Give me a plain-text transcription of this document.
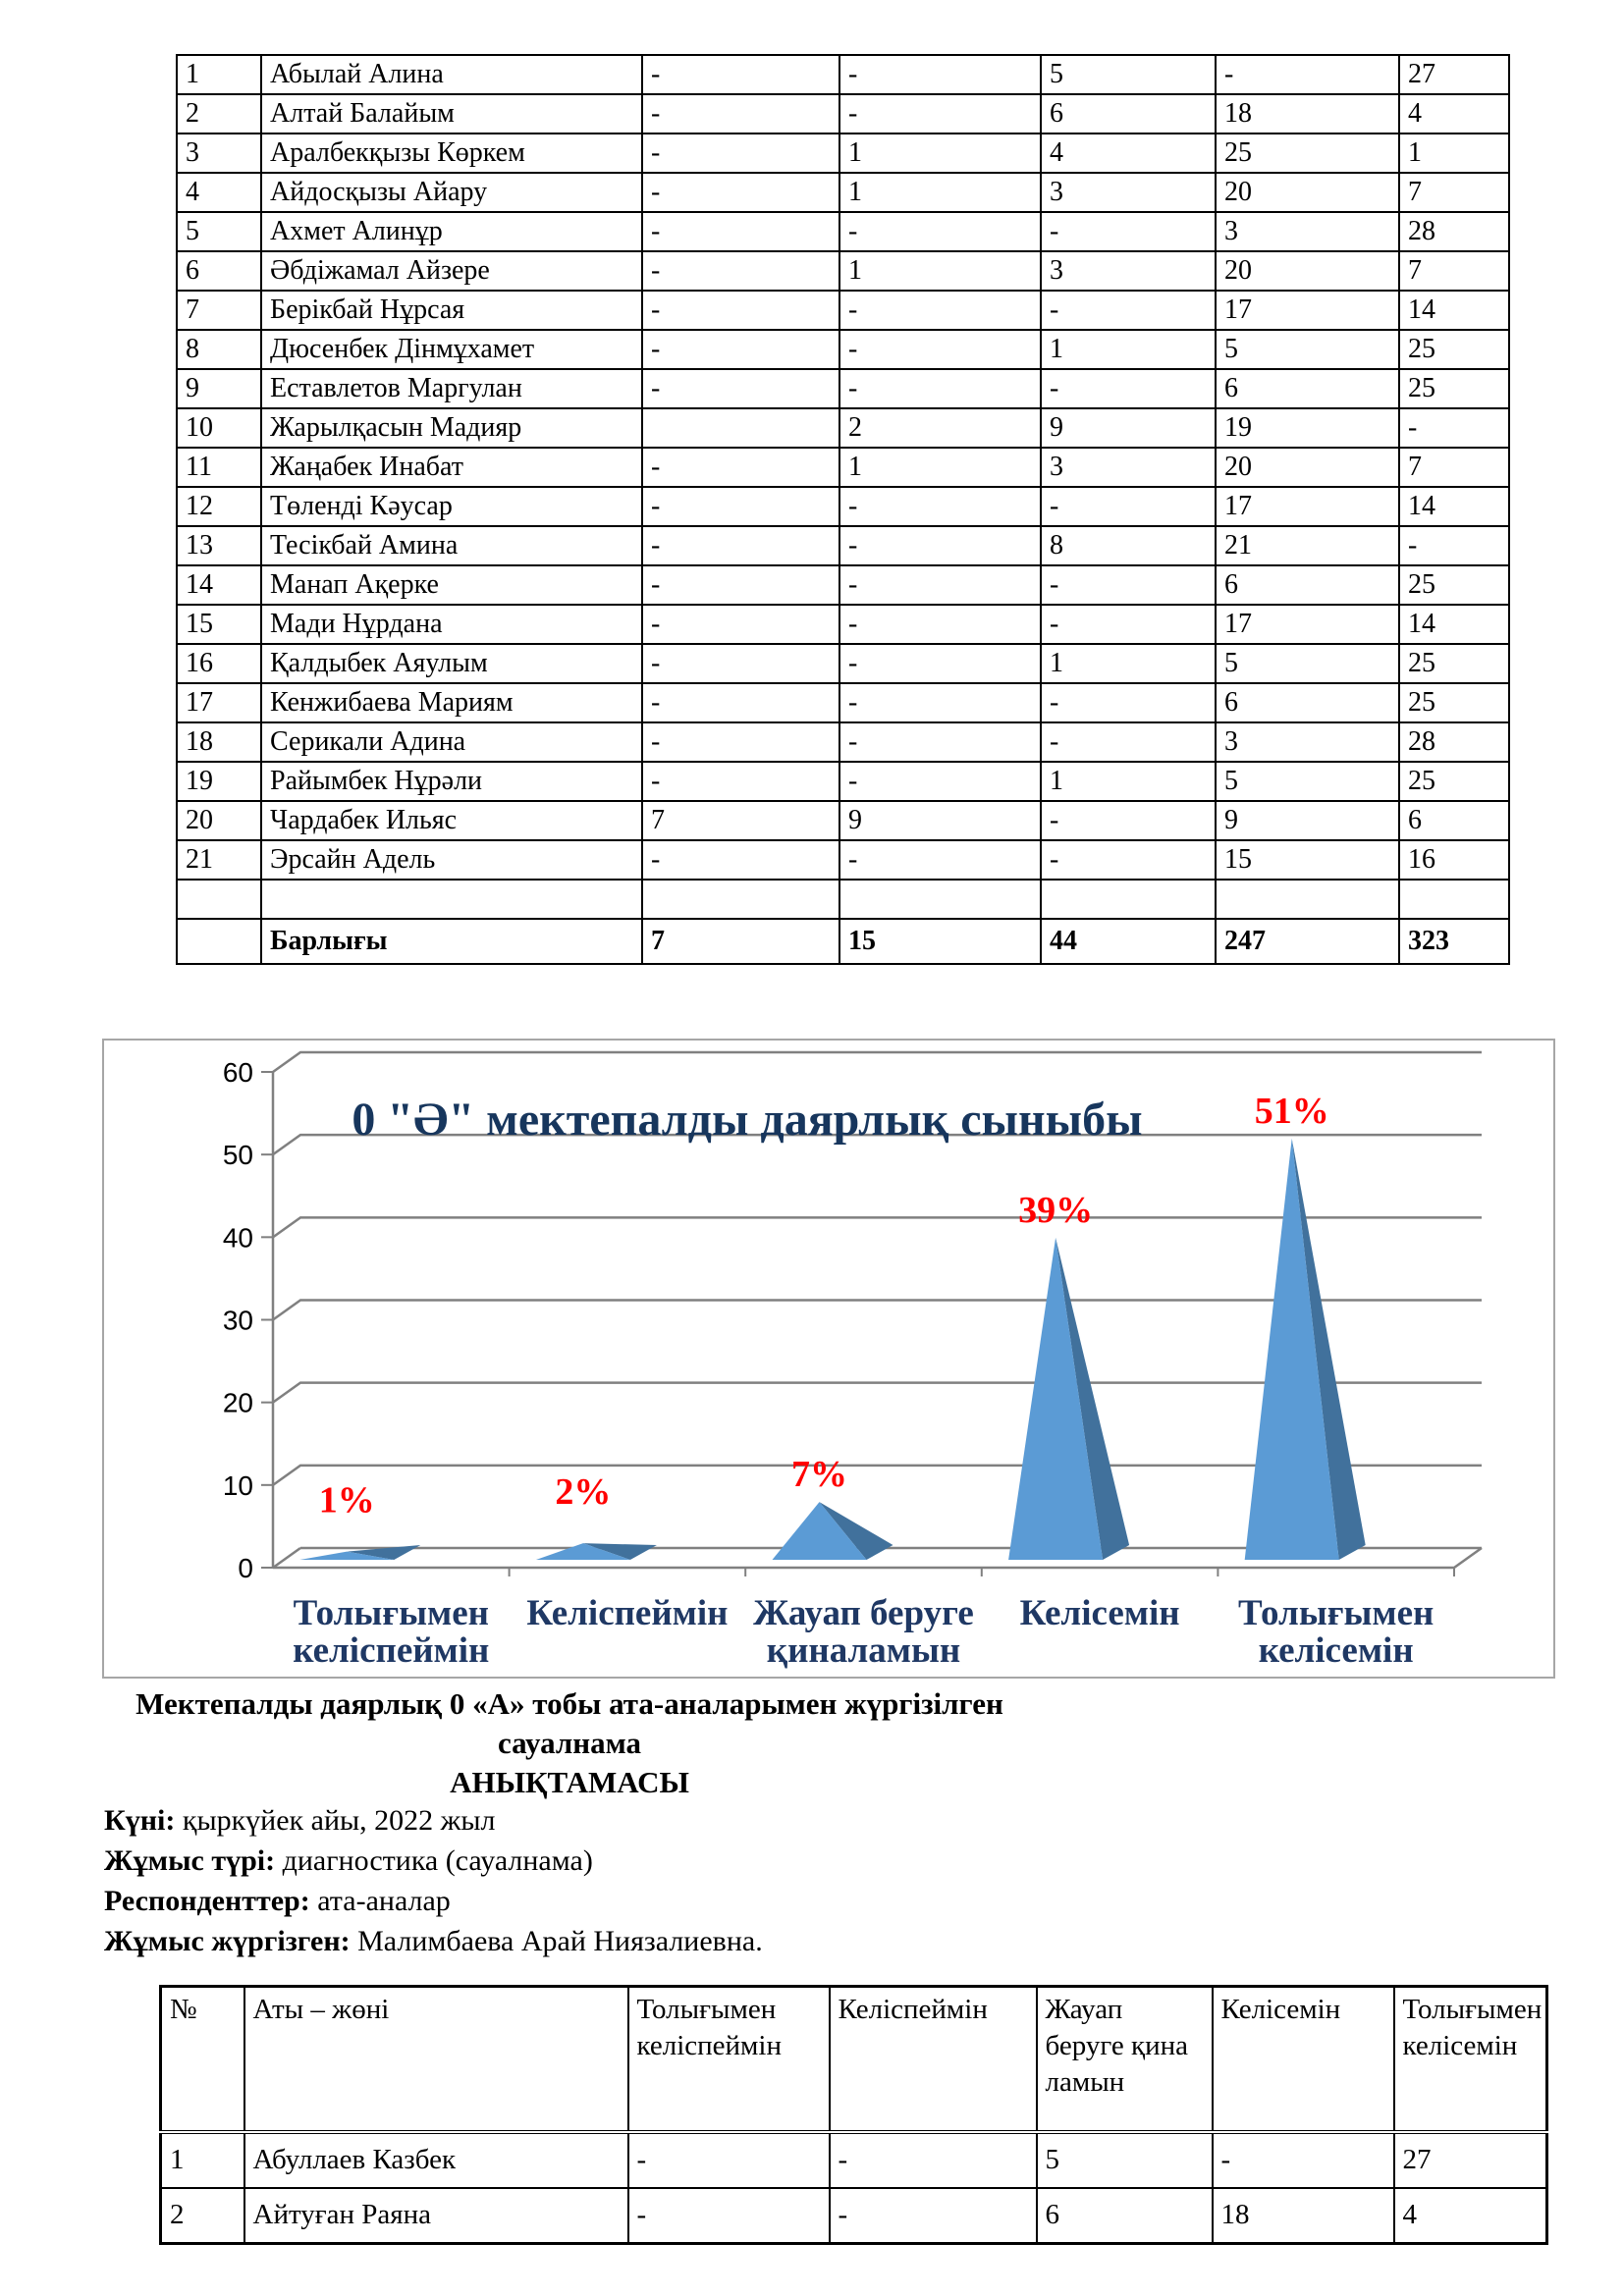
1	Абылай Алина	-	-	5	-	27
2	Алтай Балайым	-	-	6	18	4
3	Аралбекқызы Көркем	-	1	4	25	1
4	Айдосқызы Айару	-	1	3	20	7
5	Ахмет Алинұр	-	-	-	3	28
6	Әбдіжамал Айзере	-	1	3	20	7
7	Берікбай Нұрсая	-	-	-	17	14
8	Дюсенбек Дінмұхамет	-	-	1	5	25
9	Еставлетов Маргулан	-	-	-	6	25
10	Жарылқасын Мадияр		2	9	19	-
11	Жаңабек Инабат	-	1	3	20	7
12	Төленді Кәусар	-	-	-	17	14
13	Тесікбай Амина	-	-	8	21	-
14	Манап Ақерке	-	-	-	6	25
15	Мади Нұрдана	-	-	-	17	14
16	Қалдыбек Аяулым	-	-	1	5	25
17	Кенжибаева Мариям	-	-	-	6	25
18	Серикали Адина	-	-	-	3	28
19	Райымбек Нұрәли	-	-	1	5	25
20	Чардабек Ильяс	7	9	-	9	6
21	Эрсайн Адель	-	-	-	15	16

	Барлығы	7	15	44	247	323
0
10
20
30
40
50
60
1%
Толығымен
келіспеймін
2%
Келіспеймін
7%
Жауап беруге
қиналамын
39%
Келісемін
51%
Толығымен
келісемін
0 "Ә" мектепалды даярлық сыныбы
Мектепалды даярлық 0 «А» тобы ата-аналарымен жүргізілген сауалнама
АНЫҚТАМАСЫ
Күні: қыркүйек айы, 2022 жыл
Жұмыс түрі: диагностика (сауалнама)
Респонденттер: ата-аналар
Жұмыс жүргізген: Малимбаева Арай Ниязалиевна.
№	Аты – жөні	Толығымен келіспеймін	Келіспеймін	Жауап беруге қина ламын	Келісемін	Толығымен келісемін
1	Абуллаев Казбек	-	-	5	-	27
2	Айтуған Раяна	-	-	6	18	4
